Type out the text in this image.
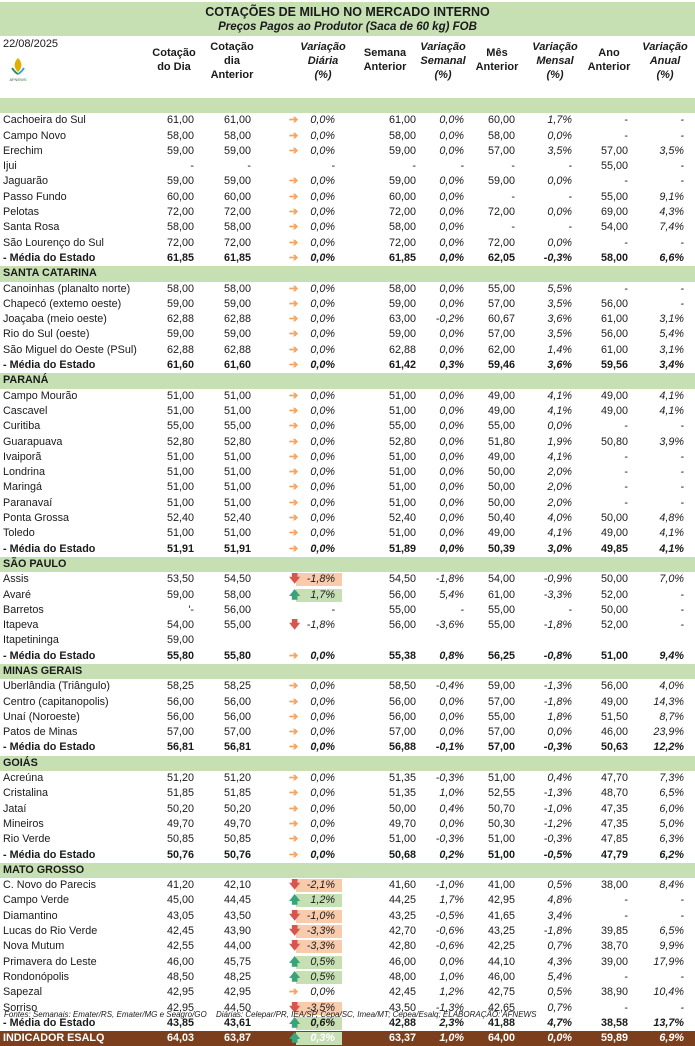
COTAÇÕES DE MILHO NO MERCADO INTERNO
Preços Pagos ao Produtor (Saca de 60 kg) FOB
22/08/2025
AFNEWS
Cotação
do Dia
Cotação
dia
Anterior
Variação
Diária
(%)
Semana
Anterior
Variação
Semanal
(%)
Mês
Anterior
Variação
Mensal
(%)
Ano
Anterior
Variação
Anual
(%)
Cachoeira do Sul	61,00	61,00	0,0%	61,00	0,0%	60,00	1,7%	-	-
➔
Campo Novo	58,00	58,00	0,0%	58,00	0,0%	58,00	0,0%	-	-
➔
Erechim	59,00	59,00	0,0%	59,00	0,0%	57,00	3,5%	57,00	3,5%
➔
Ijui	-	-	-	-	-	-	-	55,00	-
Jaguarão	59,00	59,00	0,0%	59,00	0,0%	59,00	0,0%	-	-
➔
Passo Fundo	60,00	60,00	0,0%	60,00	0,0%	-	-	55,00	9,1%
➔
Pelotas	72,00	72,00	0,0%	72,00	0,0%	72,00	0,0%	69,00	4,3%
➔
Santa Rosa	58,00	58,00	0,0%	58,00	0,0%	-	-	54,00	7,4%
➔
São Lourenço do Sul	72,00	72,00	0,0%	72,00	0,0%	72,00	0,0%	-	-
➔
- Média do Estado	61,85	61,85	0,0%	61,85	0,0%	62,05	-0,3%	58,00	6,6%
➔
SANTA CATARINA
Canoinhas (planalto norte)	58,00	58,00	0,0%	58,00	0,0%	55,00	5,5%	-	-
➔
Chapecó (extemo oeste)	59,00	59,00	0,0%	59,00	0,0%	57,00	3,5%	56,00	-
➔
Joaçaba (meio oeste)	62,88	62,88	0,0%	63,00	-0,2%	60,67	3,6%	61,00	3,1%
➔
Rio do Sul (oeste)	59,00	59,00	0,0%	59,00	0,0%	57,00	3,5%	56,00	5,4%
➔
São Miguel do Oeste (PSul)	62,88	62,88	0,0%	62,88	0,0%	62,00	1,4%	61,00	3,1%
➔
- Média do Estado	61,60	61,60	0,0%	61,42	0,3%	59,46	3,6%	59,56	3,4%
➔
PARANÁ
Campo Mourão	51,00	51,00	0,0%	51,00	0,0%	49,00	4,1%	49,00	4,1%
➔
Cascavel	51,00	51,00	0,0%	51,00	0,0%	49,00	4,1%	49,00	4,1%
➔
Curitiba	55,00	55,00	0,0%	55,00	0,0%	55,00	0,0%	-	-
➔
Guarapuava	52,80	52,80	0,0%	52,80	0,0%	51,80	1,9%	50,80	3,9%
➔
Ivaiporã	51,00	51,00	0,0%	51,00	0,0%	49,00	4,1%	-	-
➔
Londrina	51,00	51,00	0,0%	51,00	0,0%	50,00	2,0%	-	-
➔
Maringá	51,00	51,00	0,0%	51,00	0,0%	50,00	2,0%	-	-
➔
Paranavaí	51,00	51,00	0,0%	51,00	0,0%	50,00	2,0%	-	-
➔
Ponta Grossa	52,40	52,40	0,0%	52,40	0,0%	50,40	4,0%	50,00	4,8%
➔
Toledo	51,00	51,00	0,0%	51,00	0,0%	49,00	4,1%	49,00	4,1%
➔
- Média do Estado	51,91	51,91	0,0%	51,89	0,0%	50,39	3,0%	49,85	4,1%
➔
SÃO PAULO
Assis	53,50	54,50	-1,8%	54,50	-1,8%	54,00	-0,9%	50,00	7,0%
🡇
Avaré	59,00	58,00	1,7%	56,00	5,4%	61,00	-3,3%	52,00	-
🡅
Barretos	'-	56,00	-	55,00	-	55,00	-	50,00	-
Itapeva	54,00	55,00	-1,8%	56,00	-3,6%	55,00	-1,8%	52,00	-
🡇
Itapetininga	59,00
- Média do Estado	55,80	55,80	0,0%	55,38	0,8%	56,25	-0,8%	51,00	9,4%
➔
MINAS GERAIS
Uberlândia (Triângulo)	58,25	58,25	0,0%	58,50	-0,4%	59,00	-1,3%	56,00	4,0%
➔
Centro (capitanopolis)	56,00	56,00	0,0%	56,00	0,0%	57,00	-1,8%	49,00	14,3%
➔
Unaí (Noroeste)	56,00	56,00	0,0%	56,00	0,0%	55,00	1,8%	51,50	8,7%
➔
Patos de Minas	57,00	57,00	0,0%	57,00	0,0%	57,00	0,0%	46,00	23,9%
➔
- Média do Estado	56,81	56,81	0,0%	56,88	-0,1%	57,00	-0,3%	50,63	12,2%
➔
GOIÁS
Acreúna	51,20	51,20	0,0%	51,35	-0,3%	51,00	0,4%	47,70	7,3%
➔
Cristalina	51,85	51,85	0,0%	51,35	1,0%	52,55	-1,3%	48,70	6,5%
➔
Jataí	50,20	50,20	0,0%	50,00	0,4%	50,70	-1,0%	47,35	6,0%
➔
Mineiros	49,70	49,70	0,0%	49,70	0,0%	50,30	-1,2%	47,35	5,0%
➔
Rio Verde	50,85	50,85	0,0%	51,00	-0,3%	51,00	-0,3%	47,85	6,3%
➔
- Média do Estado	50,76	50,76	0,0%	50,68	0,2%	51,00	-0,5%	47,79	6,2%
➔
MATO GROSSO
C. Novo do Parecis	41,20	42,10	-2,1%	41,60	-1,0%	41,00	0,5%	38,00	8,4%
🡇
Campo Verde	45,00	44,45	1,2%	44,25	1,7%	42,95	4,8%	-	-
🡅
Diamantino	43,05	43,50	-1,0%	43,25	-0,5%	41,65	3,4%	-	-
🡇
Lucas do Rio Verde	42,45	43,90	-3,3%	42,70	-0,6%	43,25	-1,8%	39,85	6,5%
🡇
Nova Mutum	42,55	44,00	-3,3%	42,80	-0,6%	42,25	0,7%	38,70	9,9%
🡇
Primavera do Leste	46,00	45,75	0,5%	46,00	0,0%	44,10	4,3%	39,00	17,9%
🡅
Rondonópolis	48,50	48,25	0,5%	48,00	1,0%	46,00	5,4%	-	-
🡅
Sapezal	42,95	42,95	0,0%	42,45	1,2%	42,75	0,5%	38,90	10,4%
➔
Sorriso	42,95	44,50	-3,5%	43,50	-1,3%	42,65	0,7%	-	-
🡇
- Média do Estado	43,85	43,61	0,6%	42,88	2,3%	41,88	4,7%	38,58	13,7%
🡅
INDICADOR ESALQ	64,03	63,87	0,3%	63,37	1,0%	64,00	0,0%	59,89	6,9%
🡅
Fontes: Semanais: Emater/RS, Emater/MG e Seagro/GO Diárias: Celepar/PR, IEA/SP, Cepa/SC, Imea/MT; Cepea/Esalq; ELABORAÇÃO: AFNEWS
